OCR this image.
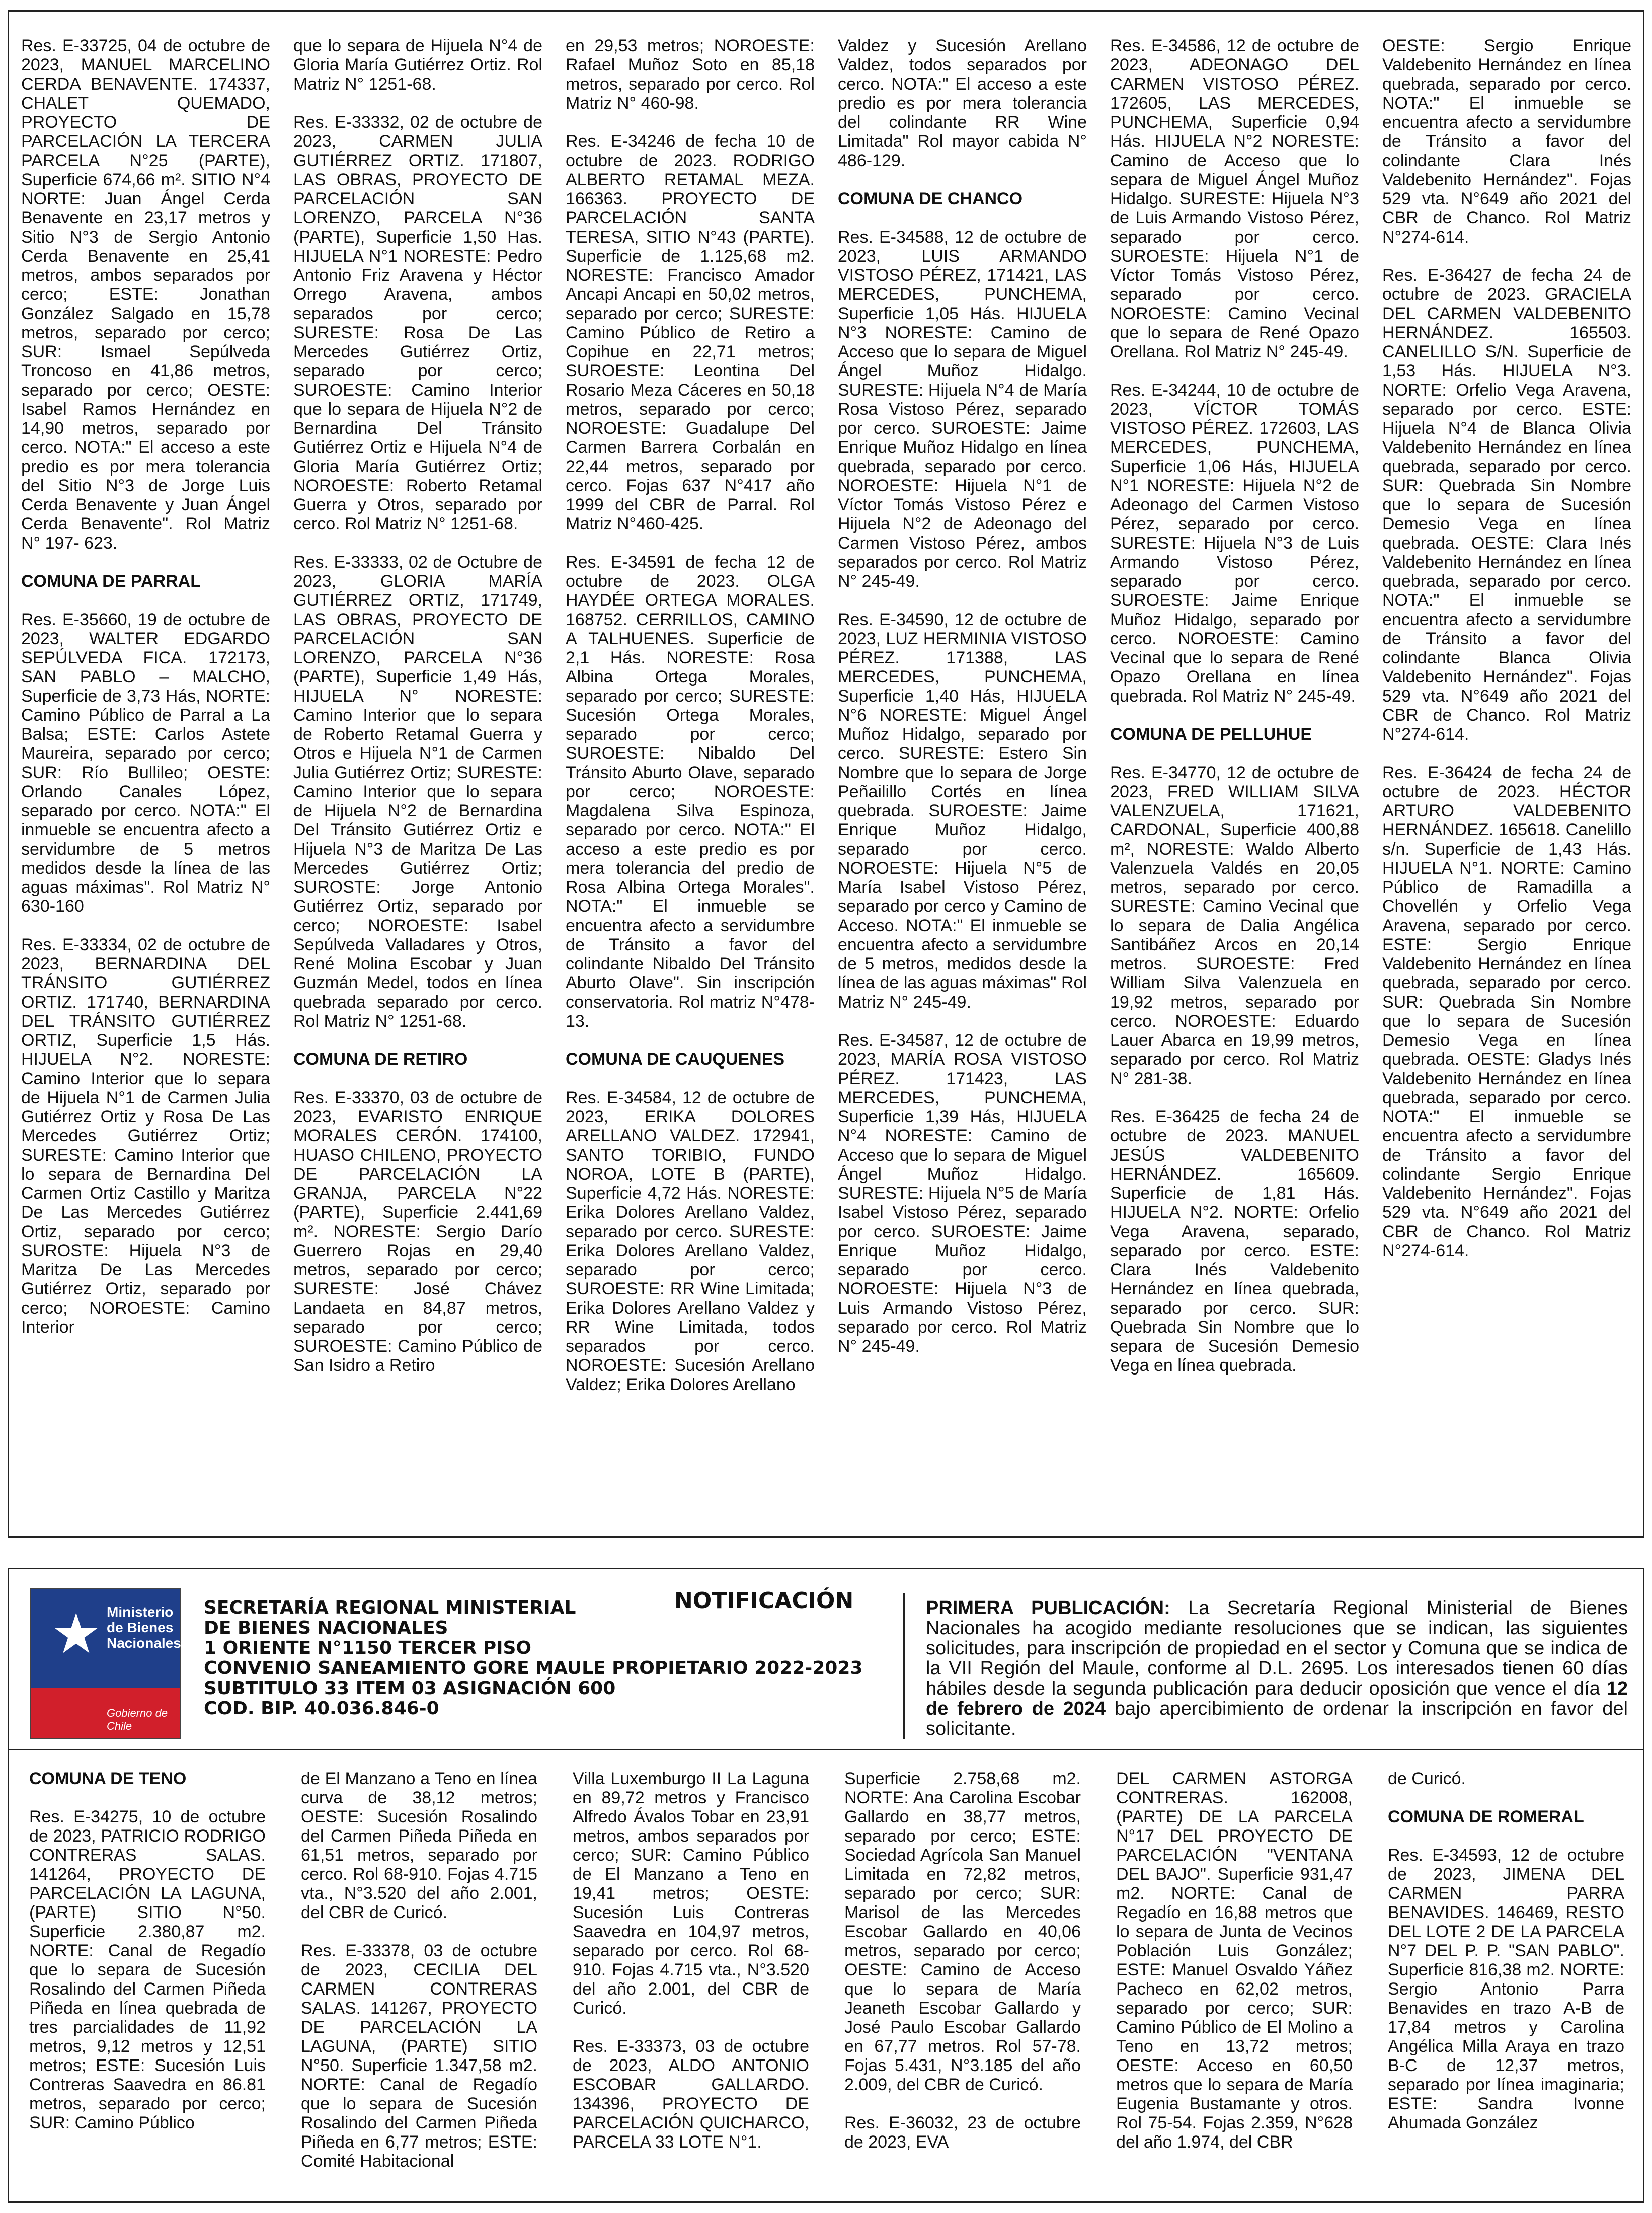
Res. E-33725, 04 de octubre de 2023, MANUEL MARCELINO CERDA BENAVENTE. 174337, CHALET QUEMADO, PROYECTO DE PARCELACIÓN LA TERCERA PARCELA N°25 (PARTE), Superficie 674,66 m². SITIO N°4 NORTE: Juan Ángel Cerda Benavente en 23,17 metros y Sitio N°3 de Sergio Antonio Cerda Benavente en 25,41 metros, ambos separados por cerco; ESTE: Jonathan González Salgado en 15,78 metros, separado por cerco; SUR: Ismael Sepúlveda Troncoso en 41,86 metros, separado por cerco; OESTE: Isabel Ramos Hernández en 14,90 metros, separado por cerco. NOTA:" El acceso a este predio es por mera tolerancia del Sitio N°3 de Jorge Luis Cerda Benavente y Juan Ángel Cerda Benavente". Rol Matriz N° 197- 623.

COMUNA DE PARRAL

Res. E-35660, 19 de octubre de 2023, WALTER EDGARDO SEPÚLVEDA FICA. 172173, SAN PABLO – MALCHO, Superficie de 3,73 Hás, NORTE: Camino Público de Parral a La Balsa; ESTE: Carlos Astete Maureira, separado por cerco; SUR: Río Bullileo; OESTE: Orlando Canales López, separado por cerco. NOTA:" El inmueble se encuentra afecto a servidumbre de 5 metros medidos desde la línea de las aguas máximas". Rol Matriz N° 630-160

Res. E-33334, 02 de octubre de 2023, BERNARDINA DEL TRÁNSITO GUTIÉRREZ ORTIZ. 171740, BERNARDINA DEL TRÁNSITO GUTIÉRREZ ORTIZ, Superficie 1,5 Hás. HIJUELA N°2. NORESTE: Camino Interior que lo separa de Hijuela N°1 de Carmen Julia Gutiérrez Ortiz y Rosa De Las Mercedes Gutiérrez Ortiz; SURESTE: Camino Interior que lo separa de Bernardina Del Carmen Ortiz Castillo y Maritza De Las Mercedes Gutiérrez Ortiz, separado por cerco; SUROSTE: Hijuela N°3 de Maritza De Las Mercedes Gutiérrez Ortiz, separado por cerco; NOROESTE: Camino Interior

que lo separa de Hijuela N°4 de Gloria María Gutiérrez Ortiz. Rol Matriz N° 1251-68.

Res. E-33332, 02 de octubre de 2023, CARMEN JULIA GUTIÉRREZ ORTIZ. 171807, LAS OBRAS, PROYECTO DE PARCELACIÓN SAN LORENZO, PARCELA N°36 (PARTE), Superficie 1,50 Has. HIJUELA N°1 NORESTE: Pedro Antonio Friz Aravena y Héctor Orrego Aravena, ambos separados por cerco; SURESTE: Rosa De Las Mercedes Gutiérrez Ortiz, separado por cerco; SUROESTE: Camino Interior que lo separa de Hijuela N°2 de Bernardina Del Tránsito Gutiérrez Ortiz e Hijuela N°4 de Gloria María Gutiérrez Ortiz; NOROESTE: Roberto Retamal Guerra y Otros, separado por cerco. Rol Matriz N° 1251-68.

Res. E-33333, 02 de Octubre de 2023, GLORIA MARÍA GUTIÉRREZ ORTIZ, 171749, LAS OBRAS, PROYECTO DE PARCELACIÓN SAN LORENZO, PARCELA N°36 (PARTE), Superficie 1,49 Hás, HIJUELA N° NORESTE: Camino Interior que lo separa de Roberto Retamal Guerra y Otros e Hijuela N°1 de Carmen Julia Gutiérrez Ortiz; SURESTE: Camino Interior que lo separa de Hijuela N°2 de Bernardina Del Tránsito Gutiérrez Ortiz e Hijuela N°3 de Maritza De Las Mercedes Gutiérrez Ortiz; SUROSTE: Jorge Antonio Gutiérrez Ortiz, separado por cerco; NOROESTE: Isabel Sepúlveda Valladares y Otros, René Molina Escobar y Juan Guzmán Medel, todos en línea quebrada separado por cerco. Rol Matriz N° 1251-68.

COMUNA DE RETIRO

Res. E-33370, 03 de octubre de 2023, EVARISTO ENRIQUE MORALES CERÓN. 174100, HUASO CHILENO, PROYECTO DE PARCELACIÓN LA GRANJA, PARCELA N°22 (PARTE), Superficie 2.441,69 m². NORESTE: Sergio Darío Guerrero Rojas en 29,40 metros, separado por cerco; SURESTE: José Chávez Landaeta en 84,87 metros, separado por cerco; SUROESTE: Camino Público de San Isidro a Retiro

en 29,53 metros; NOROESTE: Rafael Muñoz Soto en 85,18 metros, separado por cerco. Rol Matriz N° 460-98.

Res. E-34246 de fecha 10 de octubre de 2023. RODRIGO ALBERTO RETAMAL MEZA. 166363. PROYECTO DE PARCELACIÓN SANTA TERESA, SITIO N°43 (PARTE). Superficie de 1.125,68 m2. NORESTE: Francisco Amador Ancapi Ancapi en 50,02 metros, separado por cerco; SURESTE: Camino Público de Retiro a Copihue en 22,71 metros; SUROESTE: Leontina Del Rosario Meza Cáceres en 50,18 metros, separado por cerco; NOROESTE: Guadalupe Del Carmen Barrera Corbalán en 22,44 metros, separado por cerco. Fojas 637 N°417 año 1999 del CBR de Parral. Rol Matriz N°460-425.

Res. E-34591 de fecha 12 de octubre de 2023. OLGA HAYDÉE ORTEGA MORALES. 168752. CERRILLOS, CAMINO A TALHUENES. Superficie de 2,1 Hás. NORESTE: Rosa Albina Ortega Morales, separado por cerco; SURESTE: Sucesión Ortega Morales, separado por cerco; SUROESTE: Nibaldo Del Tránsito Aburto Olave, separado por cerco; NOROESTE: Magdalena Silva Espinoza, separado por cerco. NOTA:" El acceso a este predio es por mera tolerancia del predio de Rosa Albina Ortega Morales". NOTA:" El inmueble se encuentra afecto a servidumbre de Tránsito a favor del colindante Nibaldo Del Tránsito Aburto Olave". Sin inscripción conservatoria. Rol matriz N°478-13.

COMUNA DE CAUQUENES

Res. E-34584, 12 de octubre de 2023, ERIKA DOLORES ARELLANO VALDEZ. 172941, SANTO TORIBIO, FUNDO NOROA, LOTE B (PARTE), Superficie 4,72 Hás. NORESTE: Erika Dolores Arellano Valdez, separado por cerco. SURESTE: Erika Dolores Arellano Valdez, separado por cerco; SUROESTE: RR Wine Limitada; Erika Dolores Arellano Valdez y RR Wine Limitada, todos separados por cerco. NOROESTE: Sucesión Arellano Valdez; Erika Dolores Arellano

Valdez y Sucesión Arellano Valdez, todos separados por cerco. NOTA:" El acceso a este predio es por mera tolerancia del colindante RR Wine Limitada" Rol mayor cabida N° 486-129.

COMUNA DE CHANCO

Res. E-34588, 12 de octubre de 2023, LUIS ARMANDO VISTOSO PÉREZ, 171421, LAS MERCEDES, PUNCHEMA, Superficie 1,05 Hás. HIJUELA N°3 NORESTE: Camino de Acceso que lo separa de Miguel Ángel Muñoz Hidalgo. SURESTE: Hijuela N°4 de María Rosa Vistoso Pérez, separado por cerco. SUROESTE: Jaime Enrique Muñoz Hidalgo en línea quebrada, separado por cerco. NOROESTE: Hijuela N°1 de Víctor Tomás Vistoso Pérez e Hijuela N°2 de Adeonago del Carmen Vistoso Pérez, ambos separados por cerco. Rol Matriz N° 245-49.

Res. E-34590, 12 de octubre de 2023, LUZ HERMINIA VISTOSO PÉREZ. 171388, LAS MERCEDES, PUNCHEMA, Superficie 1,40 Hás, HIJUELA N°6 NORESTE: Miguel Ángel Muñoz Hidalgo, separado por cerco. SURESTE: Estero Sin Nombre que lo separa de Jorge Peñailillo Cortés en línea quebrada. SUROESTE: Jaime Enrique Muñoz Hidalgo, separado por cerco. NOROESTE: Hijuela N°5 de María Isabel Vistoso Pérez, separado por cerco y Camino de Acceso. NOTA:" El inmueble se encuentra afecto a servidumbre de 5 metros, medidos desde la línea de las aguas máximas" Rol Matriz N° 245-49.

Res. E-34587, 12 de octubre de 2023, MARÍA ROSA VISTOSO PÉREZ. 171423, LAS MERCEDES, PUNCHEMA, Superficie 1,39 Hás, HIJUELA N°4 NORESTE: Camino de Acceso que lo separa de Miguel Ángel Muñoz Hidalgo. SURESTE: Hijuela N°5 de María Isabel Vistoso Pérez, separado por cerco. SUROESTE: Jaime Enrique Muñoz Hidalgo, separado por cerco. NOROESTE: Hijuela N°3 de Luis Armando Vistoso Pérez, separado por cerco. Rol Matriz N° 245-49.

Res. E-34586, 12 de octubre de 2023, ADEONAGO DEL CARMEN VISTOSO PÉREZ. 172605, LAS MERCEDES, PUNCHEMA, Superficie 0,94 Hás. HIJUELA N°2 NORESTE: Camino de Acceso que lo separa de Miguel Ángel Muñoz Hidalgo. SURESTE: Hijuela N°3 de Luis Armando Vistoso Pérez, separado por cerco. SUROESTE: Hijuela N°1 de Víctor Tomás Vistoso Pérez, separado por cerco. NOROESTE: Camino Vecinal que lo separa de René Opazo Orellana. Rol Matriz N° 245-49.

Res. E-34244, 10 de octubre de 2023, VÍCTOR TOMÁS VISTOSO PÉREZ. 172603, LAS MERCEDES, PUNCHEMA, Superficie 1,06 Hás, HIJUELA N°1 NORESTE: Hijuela N°2 de Adeonago del Carmen Vistoso Pérez, separado por cerco. SURESTE: Hijuela N°3 de Luis Armando Vistoso Pérez, separado por cerco. SUROESTE: Jaime Enrique Muñoz Hidalgo, separado por cerco. NOROESTE: Camino Vecinal que lo separa de René Opazo Orellana en línea quebrada. Rol Matriz N° 245-49.

COMUNA DE PELLUHUE

Res. E-34770, 12 de octubre de 2023, FRED WILLIAM SILVA VALENZUELA, 171621, CARDONAL, Superficie 400,88 m², NORESTE: Waldo Alberto Valenzuela Valdés en 20,05 metros, separado por cerco. SURESTE: Camino Vecinal que lo separa de Dalia Angélica Santibáñez Arcos en 20,14 metros. SUROESTE: Fred William Silva Valenzuela en 19,92 metros, separado por cerco. NOROESTE: Eduardo Lauer Abarca en 19,99 metros, separado por cerco. Rol Matriz N° 281-38.

Res. E-36425 de fecha 24 de octubre de 2023. MANUEL JESÚS VALDEBENITO HERNÁNDEZ. 165609. Superficie de 1,81 Hás. HIJUELA N°2. NORTE: Orfelio Vega Aravena, separado, separado por cerco. ESTE: Clara Inés Valdebenito Hernández en línea quebrada, separado por cerco. SUR: Quebrada Sin Nombre que lo separa de Sucesión Demesio Vega en línea quebrada.

OESTE: Sergio Enrique Valdebenito Hernández en línea quebrada, separado por cerco. NOTA:" El inmueble se encuentra afecto a servidumbre de Tránsito a favor del colindante Clara Inés Valdebenito Hernández". Fojas 529 vta. N°649 año 2021 del CBR de Chanco. Rol Matriz N°274-614.

Res. E-36427 de fecha 24 de octubre de 2023. GRACIELA DEL CARMEN VALDEBENITO HERNÁNDEZ. 165503. CANELILLO S/N. Superficie de 1,53 Hás. HIJUELA N°3. NORTE: Orfelio Vega Aravena, separado por cerco. ESTE: Hijuela N°4 de Blanca Olivia Valdebenito Hernández en línea quebrada, separado por cerco. SUR: Quebrada Sin Nombre que lo separa de Sucesión Demesio Vega en línea quebrada. OESTE: Clara Inés Valdebenito Hernández en línea quebrada, separado por cerco. NOTA:" El inmueble se encuentra afecto a servidumbre de Tránsito a favor del colindante Blanca Olivia Valdebenito Hernández". Fojas 529 vta. N°649 año 2021 del CBR de Chanco. Rol Matriz N°274-614.

Res. E-36424 de fecha 24 de octubre de 2023. HÉCTOR ARTURO VALDEBENITO HERNÁNDEZ. 165618. Canelillo s/n. Superficie de 1,43 Hás. HIJUELA N°1. NORTE: Camino Público de Ramadilla a Chovellén y Orfelio Vega Aravena, separado por cerco. ESTE: Sergio Enrique Valdebenito Hernández en línea quebrada, separado por cerco. SUR: Quebrada Sin Nombre que lo separa de Sucesión Demesio Vega en línea quebrada. OESTE: Gladys Inés Valdebenito Hernández en línea quebrada, separado por cerco. NOTA:" El inmueble se encuentra afecto a servidumbre de Tránsito a favor del colindante Sergio Enrique Valdebenito Hernández". Fojas 529 vta. N°649 año 2021 del CBR de Chanco. Rol Matriz N°274-614.

★ Ministerio de Bienes Nacionales
Gobierno de Chile
SECRETARÍA REGIONAL MINISTERIAL
DE BIENES NACIONALES
1 ORIENTE N°1150 TERCER PISO
CONVENIO SANEAMIENTO GORE MAULE PROPIETARIO 2022-2023
SUBTITULO 33 ITEM 03 ASIGNACIÓN 600
COD. BIP. 40.036.846-0
NOTIFICACIÓN	PRIMERA PUBLICACIÓN: La Secretaría Regional Ministerial de Bienes Nacionales ha acogido mediante resoluciones que se indican, las siguientes solicitudes, para inscripción de propiedad en el sector y Comuna que se indica de la VII Región del Maule, conforme al D.L. 2695. Los interesados tienen 60 días hábiles desde la segunda publicación para deducir oposición que vence el día 12 de febrero de 2024 bajo apercibimiento de ordenar la inscripción en favor del solicitante.
COMUNA DE TENO

Res. E-34275, 10 de octubre de 2023, PATRICIO RODRIGO CONTRERAS SALAS. 141264, PROYECTO DE PARCELACIÓN LA LAGUNA, (PARTE) SITIO N°50. Superficie 2.380,87 m2. NORTE: Canal de Regadío que lo separa de Sucesión Rosalindo del Carmen Piñeda Piñeda en línea quebrada de tres parcialidades de 11,92 metros, 9,12 metros y 12,51 metros; ESTE: Sucesión Luis Contreras Saavedra en 86.81 metros, separado por cerco; SUR: Camino Público

de El Manzano a Teno en línea curva de 38,12 metros; OESTE: Sucesión Rosalindo del Carmen Piñeda Piñeda en 61,51 metros, separado por cerco. Rol 68-910. Fojas 4.715 vta., N°3.520 del año 2.001, del CBR de Curicó.

Res. E-33378, 03 de octubre de 2023, CECILIA DEL CARMEN CONTRERAS SALAS. 141267, PROYECTO DE PARCELACIÓN LA LAGUNA, (PARTE) SITIO N°50. Superficie 1.347,58 m2. NORTE: Canal de Regadío que lo separa de Sucesión Rosalindo del Carmen Piñeda Piñeda en 6,77 metros; ESTE: Comité Habitacional

Villa Luxemburgo II La Laguna en 89,72 metros y Francisco Alfredo Ávalos Tobar en 23,91 metros, ambos separados por cerco; SUR: Camino Público de El Manzano a Teno en 19,41 metros; OESTE: Sucesión Luis Contreras Saavedra en 104,97 metros, separado por cerco. Rol 68-910. Fojas 4.715 vta., N°3.520 del año 2.001, del CBR de Curicó.

Res. E-33373, 03 de octubre de 2023, ALDO ANTONIO ESCOBAR GALLARDO. 134396, PROYECTO DE PARCELACIÓN QUICHARCO, PARCELA 33 LOTE N°1.

Superficie 2.758,68 m2. NORTE: Ana Carolina Escobar Gallardo en 38,77 metros, separado por cerco; ESTE: Sociedad Agrícola San Manuel Limitada en 72,82 metros, separado por cerco; SUR: Marisol de las Mercedes Escobar Gallardo en 40,06 metros, separado por cerco; OESTE: Camino de Acceso que lo separa de María Jeaneth Escobar Gallardo y José Paulo Escobar Gallardo en 67,77 metros. Rol 57-78. Fojas 5.431, N°3.185 del año 2.009, del CBR de Curicó.

Res. E-36032, 23 de octubre de 2023, EVA

DEL CARMEN ASTORGA CONTRERAS. 162008, (PARTE) DE LA PARCELA N°17 DEL PROYECTO DE PARCELACIÓN "VENTANA DEL BAJO". Superficie 931,47 m2. NORTE: Canal de Regadío en 16,88 metros que lo separa de Junta de Vecinos Población Luis González; ESTE: Manuel Osvaldo Yáñez Pacheco en 62,02 metros, separado por cerco; SUR: Camino Público de El Molino a Teno en 13,72 metros; OESTE: Acceso en 60,50 metros que lo separa de María Eugenia Bustamante y otros. Rol 75-54. Fojas 2.359, N°628 del año 1.974, del CBR

de Curicó.

COMUNA DE ROMERAL

Res. E-34593, 12 de octubre de 2023, JIMENA DEL CARMEN PARRA BENAVIDES. 146469, RESTO DEL LOTE 2 DE LA PARCELA N°7 DEL P. P. "SAN PABLO". Superficie 816,38 m2. NORTE: Sergio Antonio Parra Benavides en trazo A-B de 17,84 metros y Carolina Angélica Milla Araya en trazo B-C de 12,37 metros, separado por línea imaginaria; ESTE: Sandra Ivonne Ahumada González
